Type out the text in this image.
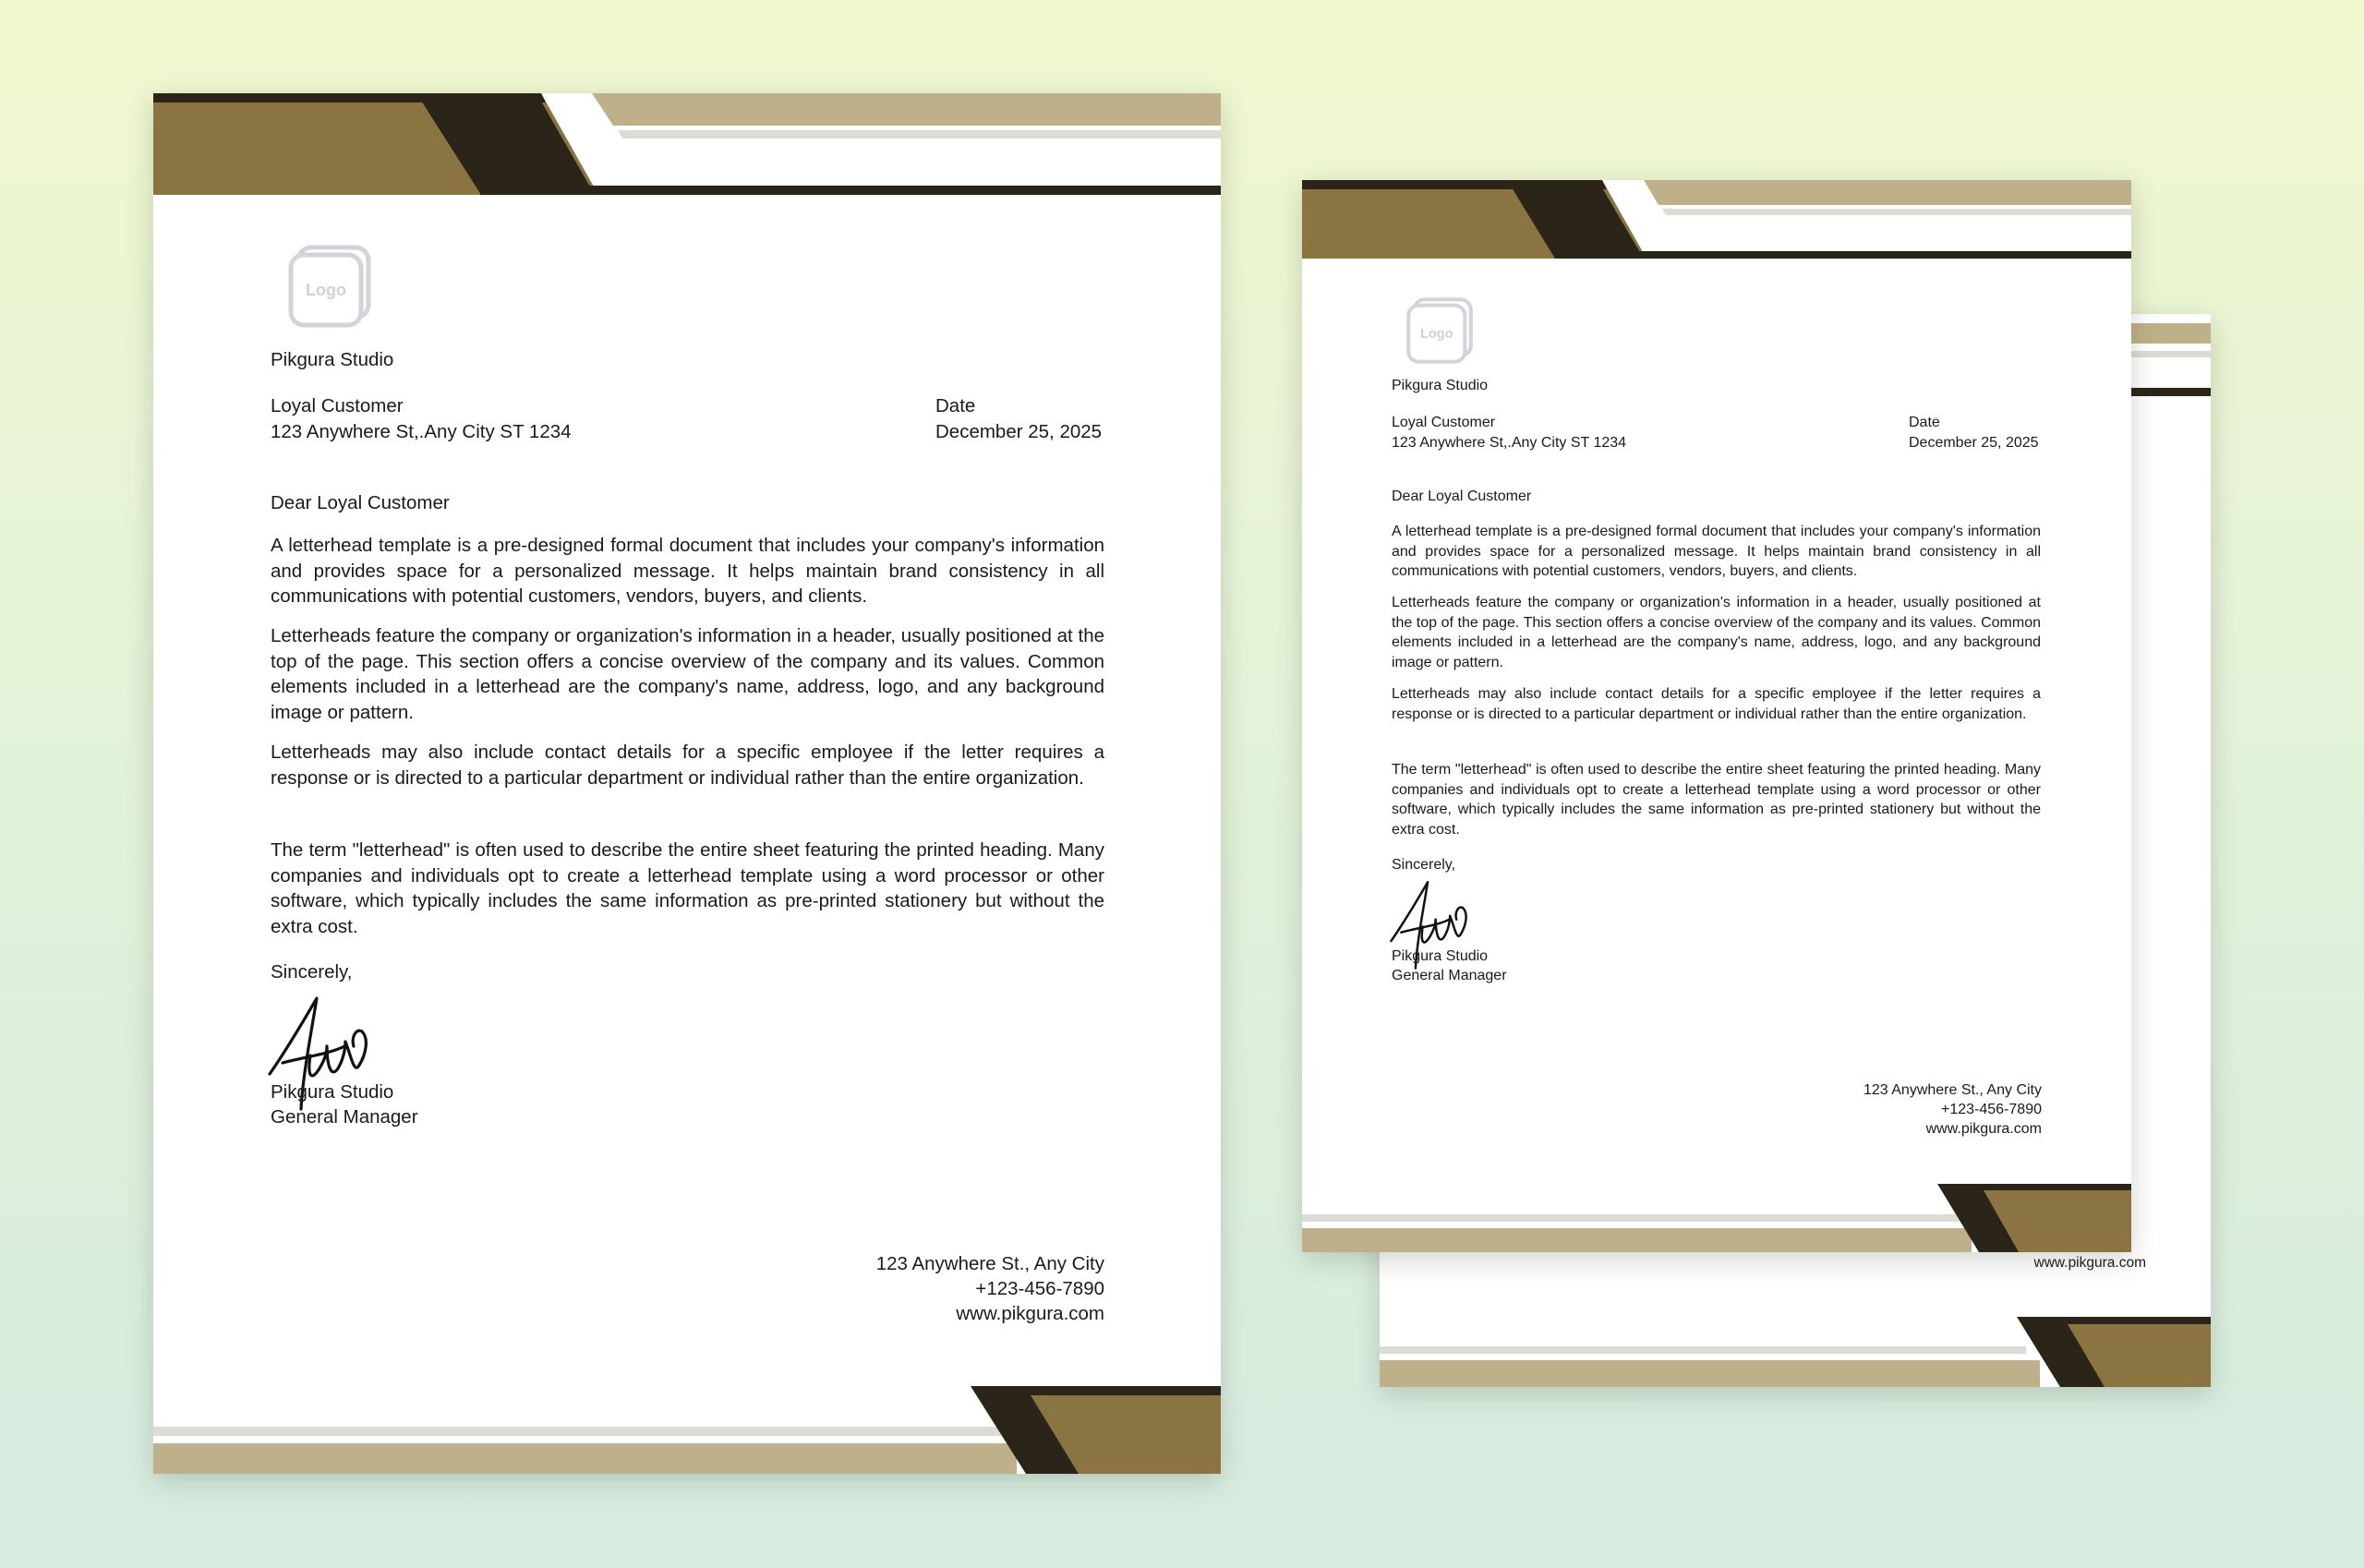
Logo

Pikgura Studio

Loyal Customer

123 Anywhere St,.Any City ST 1234

Date

December 25, 2025

Dear Loyal Customer

A letterhead template is a pre-designed formal document that includes your company's information and provides space for a personalized message. It helps maintain brand consistency in all communications with potential customers, vendors, buyers, and clients.

Letterheads feature the company or organization's information in a header, usually positioned at the top of the page. This section offers a concise overview of the company and its values. Common elements included in a letterhead are the company's name, address, logo, and any background image or pattern.

Letterheads may also include contact details for a specific employee if the letter requires a response or is directed to a particular department or individual rather than the entire organization.

The term "letterhead" is often used to describe the entire sheet featuring the printed heading. Many companies and individuals opt to create a letterhead template using a word processor or other software, which typically includes the same information as pre-printed stationery but without the extra cost.

Sincerely,

Pikgura Studio

General Manager

123 Anywhere St., Any City

+123-456-7890

www.pikgura.com

www.pikgura.com

Logo

Pikgura Studio

Loyal Customer

123 Anywhere St,.Any City ST 1234

Date

December 25, 2025

Dear Loyal Customer

A letterhead template is a pre-designed formal document that includes your company's information and provides space for a personalized message. It helps maintain brand consistency in all communications with potential customers, vendors, buyers, and clients.

Letterheads feature the company or organization's information in a header, usually positioned at the top of the page. This section offers a concise overview of the company and its values. Common elements included in a letterhead are the company's name, address, logo, and any background image or pattern.

Letterheads may also include contact details for a specific employee if the letter requires a response or is directed to a particular department or individual rather than the entire organization.

The term "letterhead" is often used to describe the entire sheet featuring the printed heading. Many companies and individuals opt to create a letterhead template using a word processor or other software, which typically includes the same information as pre-printed stationery but without the extra cost.

Sincerely,

Pikgura Studio

General Manager

123 Anywhere St., Any City

+123-456-7890

www.pikgura.com
